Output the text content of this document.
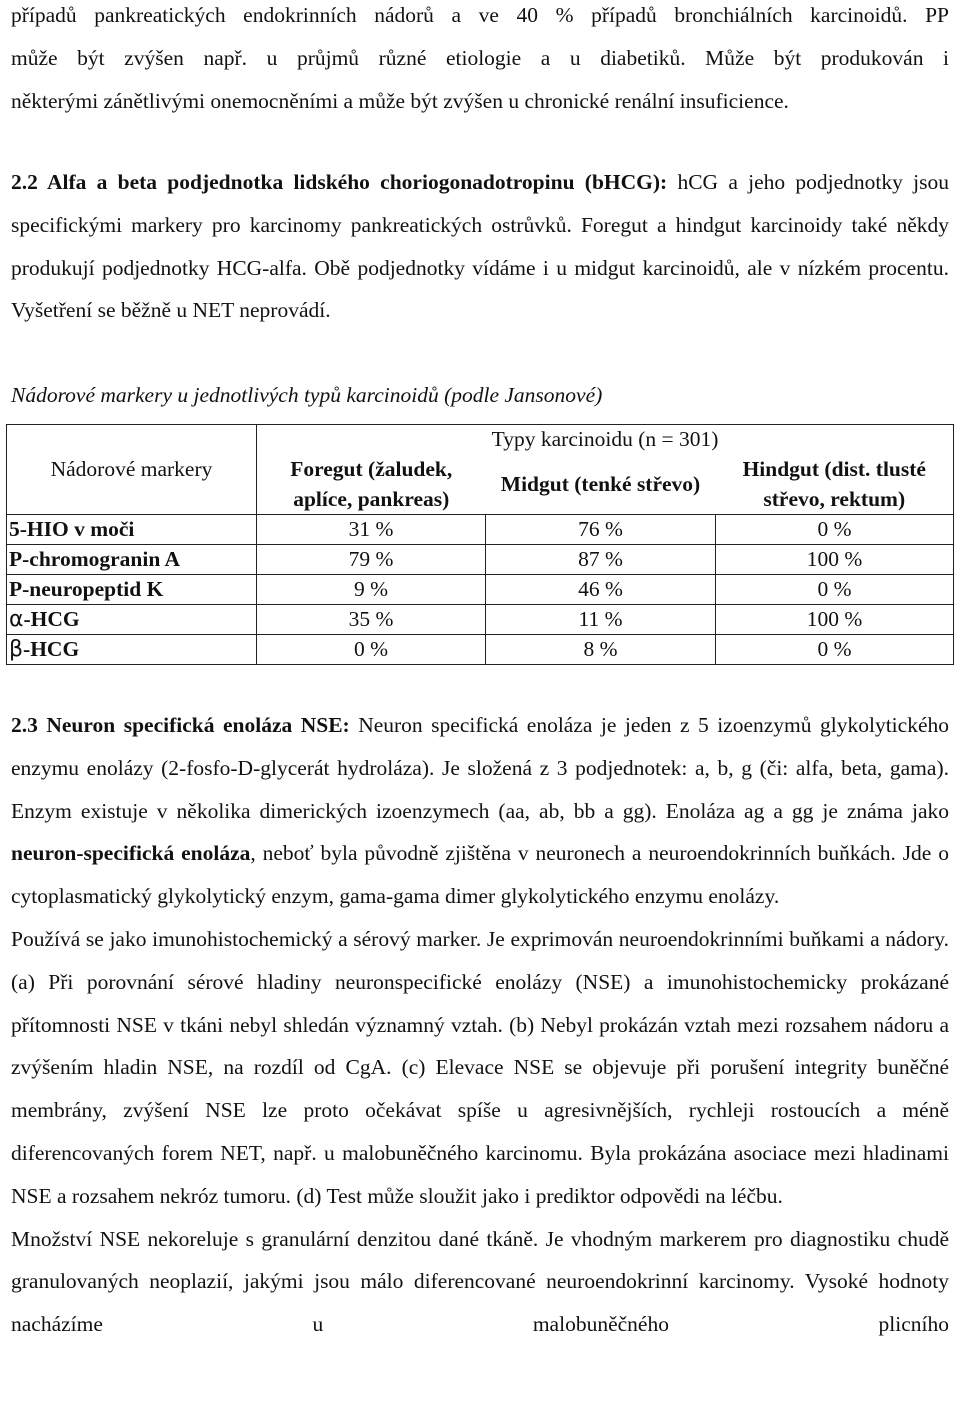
případů pankreatických endokrinních nádorů a ve 40 % případů bronchiálních karcinoidů. PP

může být zvýšen např. u průjmů různé etiologie a u diabetiků. Může být produkován i

některými zánětlivými onemocněními a může být zvýšen u chronické renální insuficience.

2.2 Alfa a beta podjednotka lidského choriogonadotropinu (bHCG): hCG a jeho podjednotky jsou specifickými markery pro karcinomy pankreatických ostrůvků. Foregut a hindgut karcinoidy také někdy produkují podjednotky HCG-alfa. Obě podjednotky vídáme i u midgut karcinoidů, ale v nízkém procentu. Vyšetření se běžně u NET neprovádí.

Nádorové markery u jednotlivých typů karcinoidů (podle Jansonové)

Nádorové markery	Typy karcinoidu (n = 301)		
	Foregut (žaludek, aplíce, pankreas)	Midgut (tenké střevo)	Hindgut (dist. tlusté střevo, rektum)

5-HIO v moči	31 %	76 %	0 %
P-chromogranin A	79 %	87 %	100 %
P-neuropeptid K	9 %	46 %	0 %
α-HCG	35 %	11 %	100 %
β-HCG	0 %	8 %	0 %

2.3 Neuron specifická enoláza NSE: Neuron specifická enoláza je jeden z 5 izoenzymů glykolytického enzymu enolázy (2-fosfo-D-glycerát hydroláza). Je složená z 3 podjednotek: a, b, g (či: alfa, beta, gama). Enzym existuje v několika dimerických izoenzymech (aa, ab, bb a gg). Enoláza ag a gg je známa jako neuron-specifická enoláza, neboť byla původně zjištěna v neuronech a neuroendokrinních buňkách. Jde o cytoplasmatický glykolytický enzym, gama-gama dimer glykolytického enzymu enolázy.

Používá se jako imunohistochemický a sérový marker. Je exprimován neuroendokrinními buňkami a nádory. (a) Při porovnání sérové hladiny neuronspecifické enolázy (NSE) a imunohistochemicky prokázané přítomnosti NSE v tkáni nebyl shledán významný vztah. (b) Nebyl prokázán vztah mezi rozsahem nádoru a zvýšením hladin NSE, na rozdíl od CgA. (c) Elevace NSE se objevuje při porušení integrity buněčné membrány, zvýšení NSE lze proto očekávat spíše u agresivnějších, rychleji rostoucích a méně diferencovaných forem NET, např. u malobuněčného karcinomu. Byla prokázána asociace mezi hladinami NSE a rozsahem nekróz tumoru. (d) Test může sloužit jako i prediktor odpovědi na léčbu.

Množství NSE nekoreluje s granulární denzitou dané tkáně. Je vhodným markerem pro diagnostiku chudě granulovaných neoplazií, jakými jsou málo diferencované neuroendokrinní karcinomy. Vysoké hodnoty nacházíme u malobuněčného plicního
